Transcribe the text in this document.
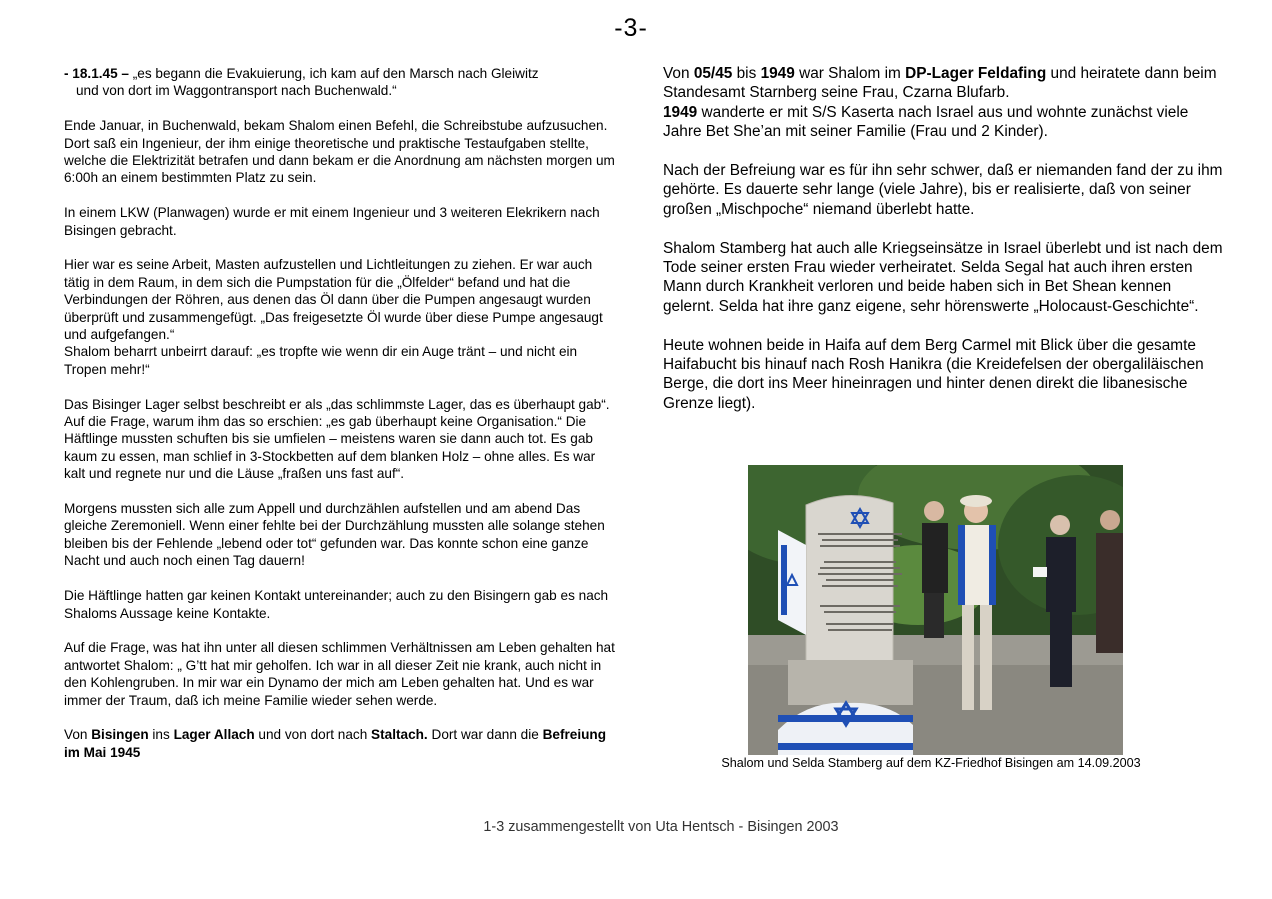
-3-

- 18.1.45 – „es begann die Evakuierung, ich kam auf den Marsch nach Gleiwitz
und von dort im Waggontransport nach Buchenwald.“

Ende Januar, in Buchenwald, bekam Shalom einen Befehl, die Schreibstube aufzusuchen. Dort saß ein Ingenieur, der ihm einige theoretische und praktische Testaufgaben stellte, welche die Elektrizität betrafen und dann bekam er die Anordnung am nächsten morgen um 6:00h an einem bestimmten Platz zu sein.

In einem LKW (Planwagen) wurde er mit einem Ingenieur und 3 weiteren Elekrikern nach Bisingen gebracht.

Hier war es seine Arbeit, Masten aufzustellen und Lichtleitungen zu ziehen. Er war auch tätig in dem Raum, in dem sich die Pumpstation für die „Ölfelder“ befand und hat die Verbindungen der Röhren, aus denen das Öl dann über die Pumpen angesaugt wurden überprüft und zusammengefügt. „Das freigesetzte Öl wurde über diese Pumpe angesaugt und aufgefangen.“
Shalom beharrt unbeirrt darauf: „es tropfte wie wenn dir ein Auge tränt – und nicht ein Tropen mehr!“

Das Bisinger Lager selbst beschreibt er als „das schlimmste Lager, das es überhaupt gab“. Auf die Frage, warum ihm das so erschien: „es gab überhaupt keine Organisation.“ Die Häftlinge mussten schuften bis sie umfielen – meistens waren sie dann auch tot. Es gab kaum zu essen, man schlief in 3-Stockbetten auf dem blanken Holz – ohne alles. Es war kalt und regnete nur und die Läuse „fraßen uns fast auf“.

Morgens mussten sich alle zum Appell und durchzählen aufstellen und am abend Das gleiche Zeremoniell. Wenn einer fehlte bei der Durchzählung mussten alle solange stehen bleiben bis der Fehlende „lebend oder tot“ gefunden war. Das konnte schon eine ganze Nacht und auch noch einen Tag dauern!

Die Häftlinge hatten gar keinen Kontakt untereinander; auch zu den Bisingern gab es nach Shaloms Aussage keine Kontakte.

Auf die Frage, was hat ihn unter all diesen schlimmen Verhältnissen am Leben gehalten hat antwortet Shalom: „ G’tt hat mir geholfen. Ich war in all dieser Zeit nie krank, auch nicht in den Kohlengruben. In mir war ein Dynamo der mich am Leben gehalten hat. Und es war immer der Traum, daß ich meine Familie wieder sehen werde.

Von Bisingen ins Lager Allach und von dort nach Staltach. Dort war dann die Befreiung im Mai 1945

Von 05/45 bis 1949 war Shalom im DP-Lager Feldafing und heiratete dann beim Standesamt Starnberg seine Frau, Czarna Blufarb.
1949 wanderte er mit S/S Kaserta nach Israel aus und wohnte zunächst viele Jahre Bet She’an mit seiner Familie (Frau und 2 Kinder).

Nach der Befreiung war es für ihn sehr schwer, daß er niemanden fand der zu ihm gehörte. Es dauerte sehr lange (viele Jahre), bis er realisierte, daß von seiner großen „Mischpoche“ niemand überlebt hatte.

Shalom Stamberg hat auch alle Kriegseinsätze in Israel überlebt und ist nach dem Tode seiner ersten Frau wieder verheiratet. Selda Segal hat auch ihren ersten Mann durch Krankheit verloren und beide haben sich in Bet Shean kennen gelernt. Selda hat ihre ganz eigene, sehr hörenswerte „Holocaust-Geschichte“.

Heute wohnen beide in Haifa auf dem Berg Carmel mit Blick über die gesamte Haifabucht bis hinauf nach Rosh Hanikra (die Kreidefelsen der obergaliläischen Berge, die dort ins Meer hineinragen und hinter denen direkt die libanesische Grenze liegt).

Shalom und Selda Stamberg auf dem KZ-Friedhof Bisingen am 14.09.2003
1-3 zusammengestellt von Uta Hentsch - Bisingen 2003
